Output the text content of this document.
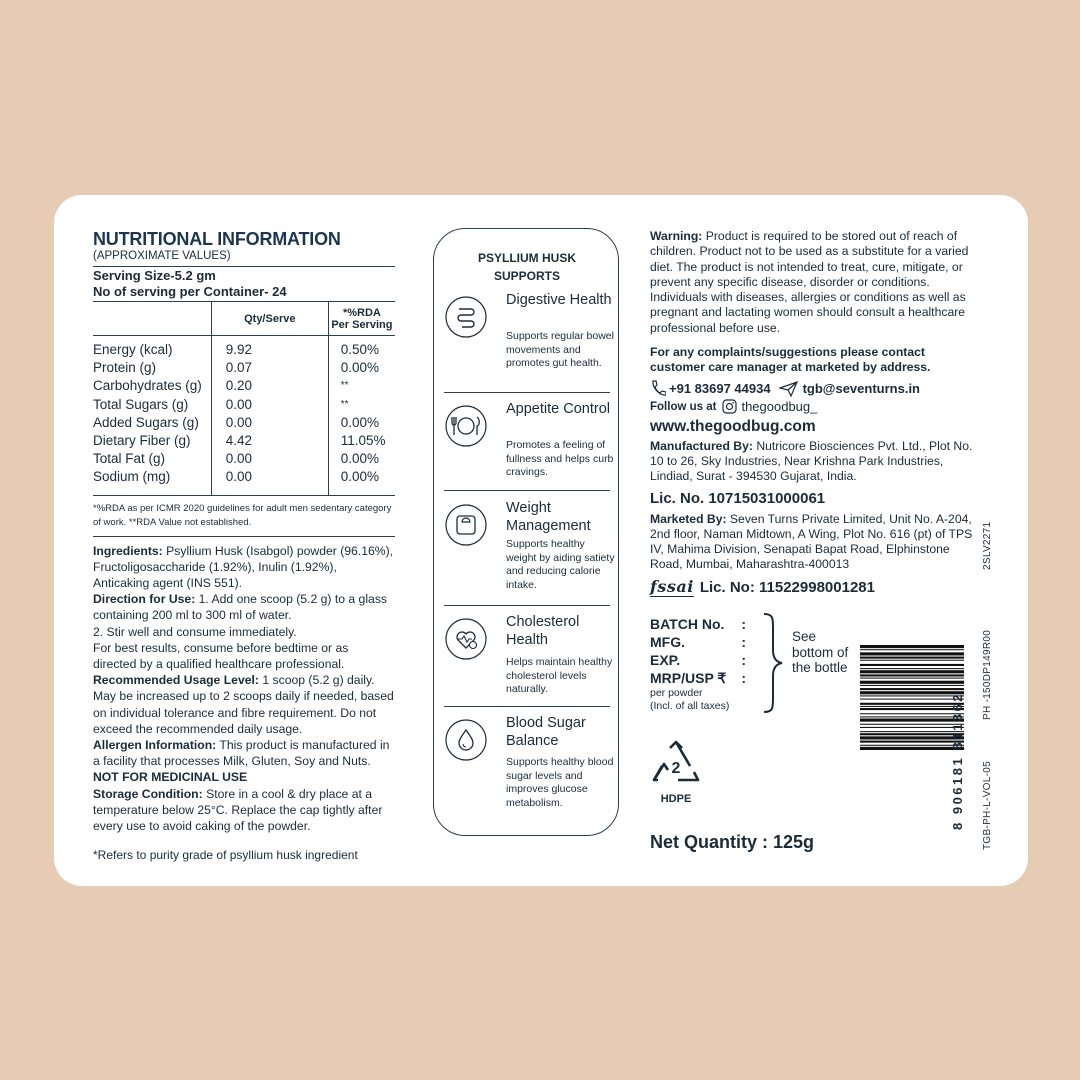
NUTRITIONAL INFORMATION
(APPROXIMATE VALUES)
Serving Size-5.2 gm
No of serving per Container- 24
	Qty/Serve	*%RDA
Per Serving
Energy (kcal)	9.92	0.50%
Protein (g)	0.07	0.00%
Carbohydrates (g)	0.20	**
Total Sugars (g)	0.00	**
Added Sugars (g)	0.00	0.00%
Dietary Fiber (g)	4.42	11.05%
Total Fat (g)	0.00	0.00%
Sodium (mg)	0.00	0.00%
*%RDA as per ICMR 2020 guidelines for adult men sedentary category of work. **RDA Value not established.

Ingredients: Psyllium Husk (Isabgol) powder (96.16%), Fructoligosaccharide (1.92%), Inulin (1.92%), Anticaking agent (INS 551).

Direction for Use: 1. Add one scoop (5.2 g) to a glass containing 200 ml to 300 ml of water.

2. Stir well and consume immediately.

For best results, consume before bedtime or as directed by a qualified healthcare professional.

Recommended Usage Level: 1 scoop (5.2 g) daily. May be increased up to 2 scoops daily if needed, based on individual tolerance and fibre requirement. Do not exceed the recommended daily usage.

Allergen Information: This product is manufactured in a facility that processes Milk, Gluten, Soy and Nuts.

NOT FOR MEDICINAL USE

Storage Condition: Store in a cool & dry place at a temperature below 25°C. Replace the cap tightly after every use to avoid caking of the powder.

*Refers to purity grade of psyllium husk ingredient
PSYLLIUM HUSK
SUPPORTS
Digestive Health
Supports regular bowel movements and promotes gut health.
Appetite Control
Promotes a feeling of fullness and helps curb cravings.
Weight Management
Supports healthy weight by aiding satiety and reducing calorie intake.
Cholesterol Health
Helps maintain healthy cholesterol levels naturally.
Blood Sugar Balance
Supports healthy blood sugar levels and improves glucose metabolism.
Warning: Product is required to be stored out of reach of children. Product not to be used as a substitute for a varied diet. The product is not intended to treat, cure, mitigate, or prevent any specific disease, disorder or conditions. Individuals with diseases, allergies or conditions as well as pregnant and lactating women should consult a healthcare professional before use.
For any complaints/suggestions please contact customer care manager at marketed by address.
+91 83697 44934 tgb@seventurns.in
Follow us at thegoodbug_
www.thegoodbug.com
Manufactured By: Nutricore Biosciences Pvt. Ltd., Plot No. 10 to 26, Sky Industries, Near Krishna Park Industries, Lindiad, Surat - 394530 Gujarat, India.
Lic. No. 10715031000061
Marketed By: Seven Turns Private Limited, Unit No. A-204, 2nd floor, Naman Midtown, A Wing, Plot No. 616 (pt) of TPS IV, Mahima Division, Senapati Bapat Road, Elphinstone Road, Mumbai, Maharashtra-400013
fssai Lic. No: 11522998001281
BATCH No. :
MFG.	:
EXP.	:
MRP/USP ₹ :
per powder
(Incl. of all taxes)
See bottom of the bottle
2
HDPE
Net Quantity : 125g
8 906181 811362 TGB-PH-L-VOL-05
PH -150DP149R00
2SLV2271
